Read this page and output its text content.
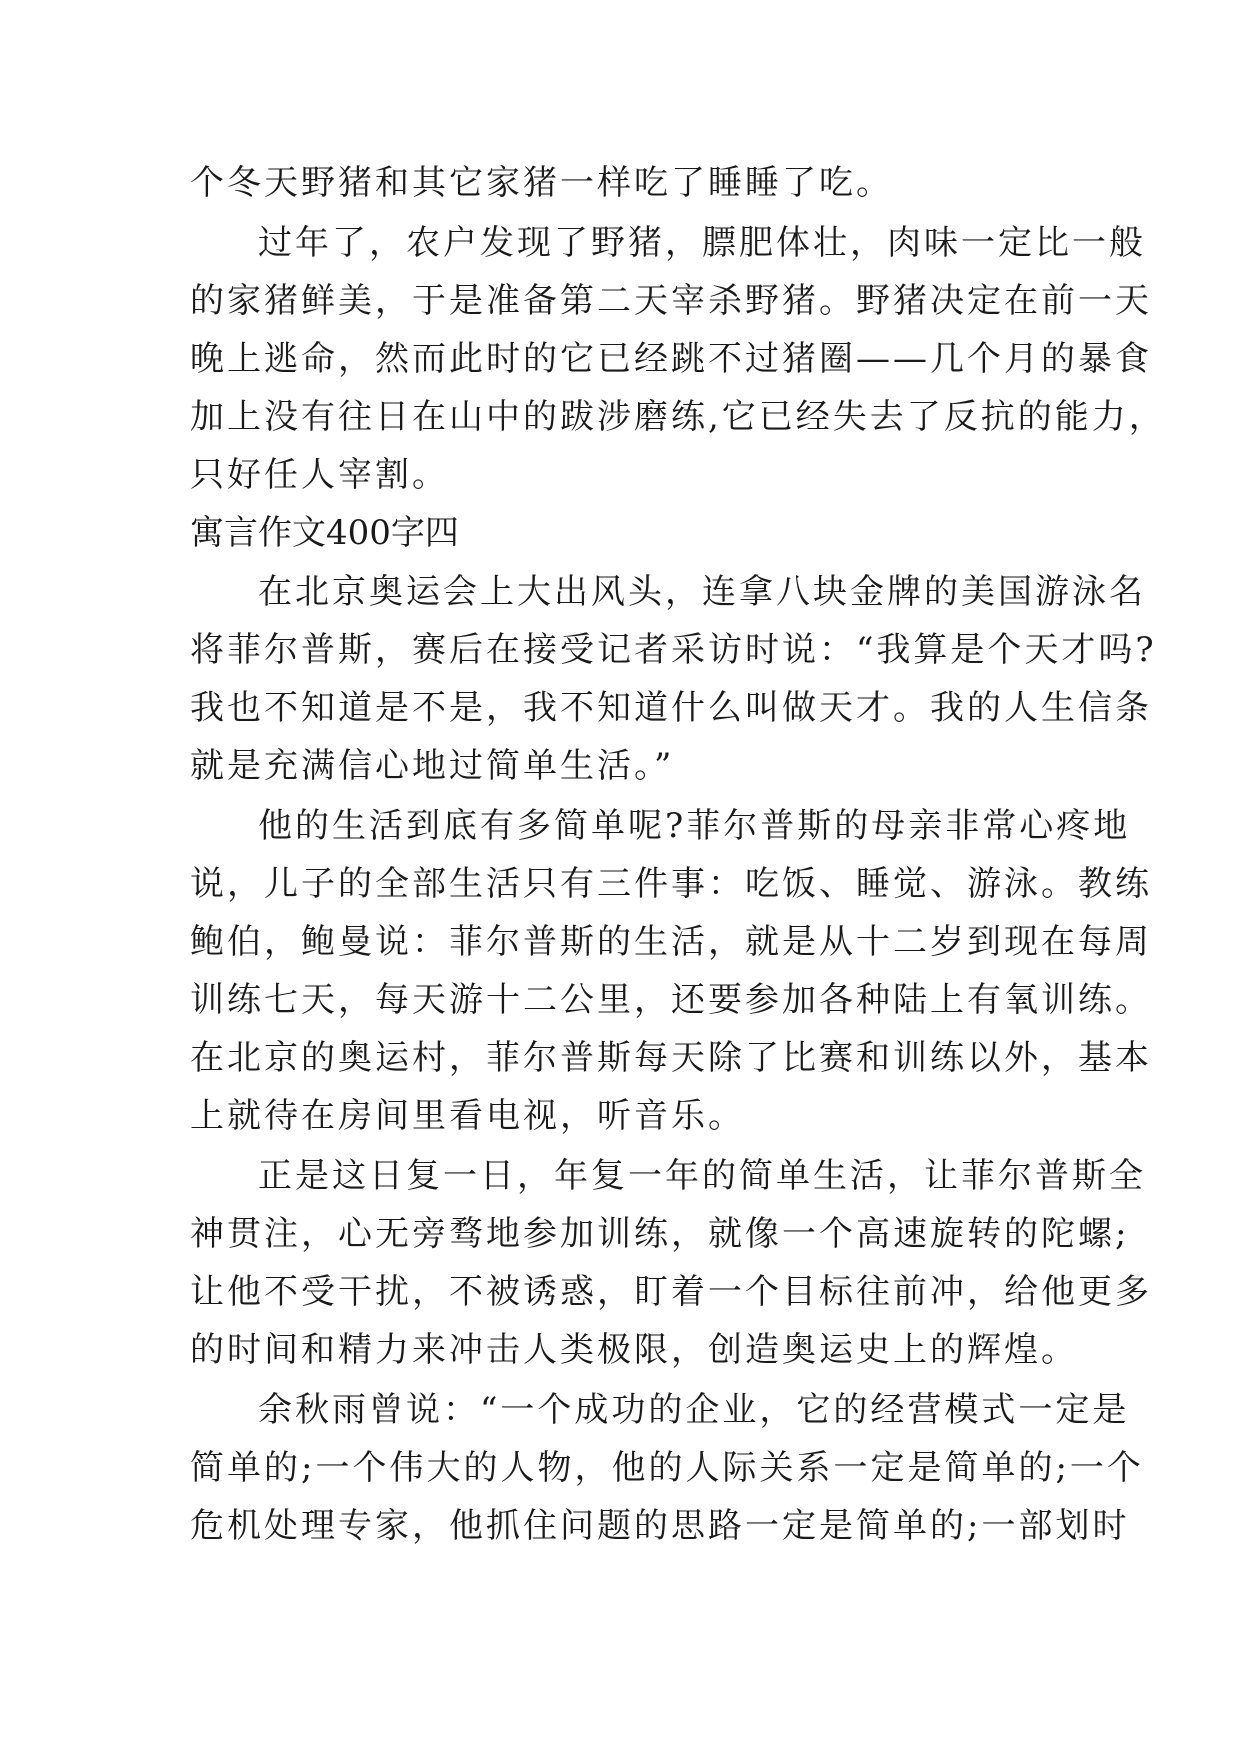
个冬天野猪和其它家猪一样吃了睡睡了吃。
过年了，农户发现了野猪，膘肥体壮，肉味一定比一般
的家猪鲜美，于是准备第二天宰杀野猪。野猪决定在前一天
晚上逃命，然而此时的它已经跳不过猪圈——几个月的暴食
加上没有往日在山中的跋涉磨练,它已经失去了反抗的能力，
只好任人宰割。
寓言作文400字四
在北京奥运会上大出风头，连拿八块金牌的美国游泳名
将菲尔普斯，赛后在接受记者采访时说：“我算是个天才吗?
我也不知道是不是，我不知道什么叫做天才。我的人生信条
就是充满信心地过简单生活。”
他的生活到底有多简单呢?菲尔普斯的母亲非常心疼地
说，儿子的全部生活只有三件事：吃饭、睡觉、游泳。教练
鲍伯，鲍曼说：菲尔普斯的生活，就是从十二岁到现在每周
训练七天，每天游十二公里，还要参加各种陆上有氧训练。
在北京的奥运村，菲尔普斯每天除了比赛和训练以外，基本
上就待在房间里看电视，听音乐。
正是这日复一日，年复一年的简单生活，让菲尔普斯全
神贯注，心无旁骛地参加训练，就像一个高速旋转的陀螺;
让他不受干扰，不被诱惑，盯着一个目标往前冲，给他更多
的时间和精力来冲击人类极限，创造奥运史上的辉煌。
余秋雨曾说：“一个成功的企业，它的经营模式一定是
简单的;一个伟大的人物，他的人际关系一定是简单的;一个
危机处理专家，他抓住问题的思路一定是简单的;一部划时
